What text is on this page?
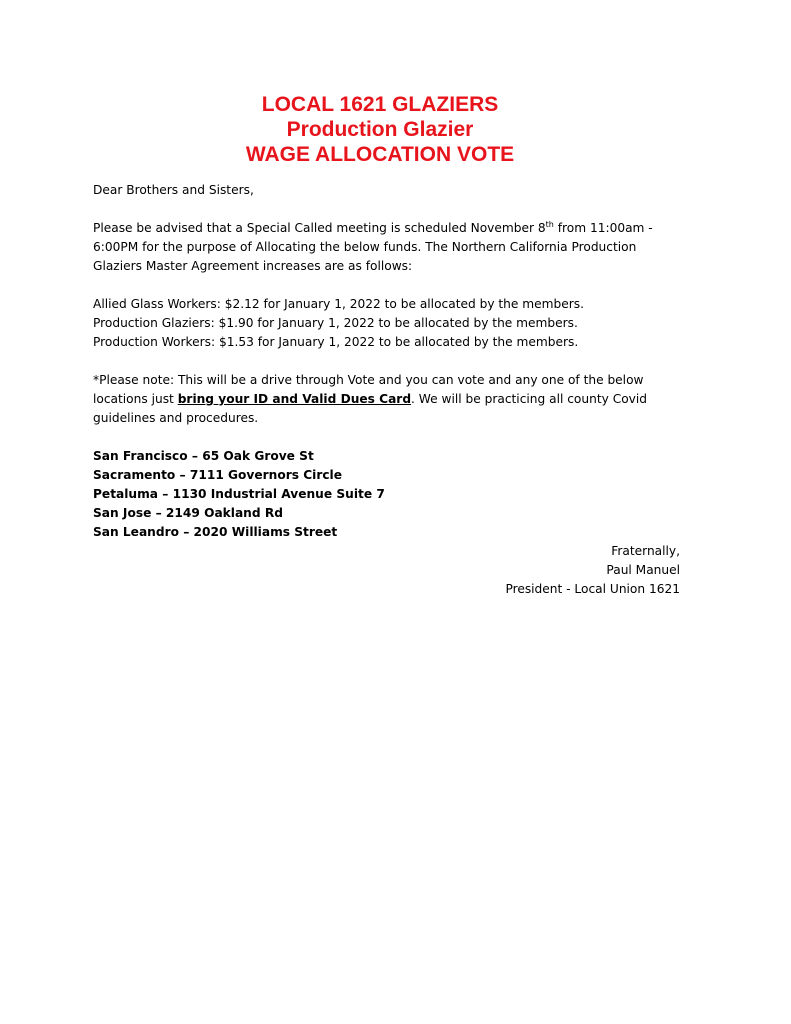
LOCAL 1621 GLAZIERS
Production Glazier
WAGE ALLOCATION VOTE

Dear Brothers and Sisters,

Please be advised that a Special Called meeting is scheduled November 8th from 11:00am -
6:00PM for the purpose of Allocating the below funds. The Northern California Production
Glaziers Master Agreement increases are as follows:

Allied Glass Workers: $2.12 for January 1, 2022 to be allocated by the members.
Production Glaziers: $1.90 for January 1, 2022 to be allocated by the members.
Production Workers: $1.53 for January 1, 2022 to be allocated by the members.

*Please note: This will be a drive through Vote and you can vote and any one of the below
locations just bring your ID and Valid Dues Card. We will be practicing all county Covid
guidelines and procedures.

San Francisco – 65 Oak Grove St
Sacramento – 7111 Governors Circle
Petaluma – 1130 Industrial Avenue Suite 7
San Jose – 2149 Oakland Rd
San Leandro – 2020 Williams Street

Fraternally,
Paul Manuel
President - Local Union 1621
